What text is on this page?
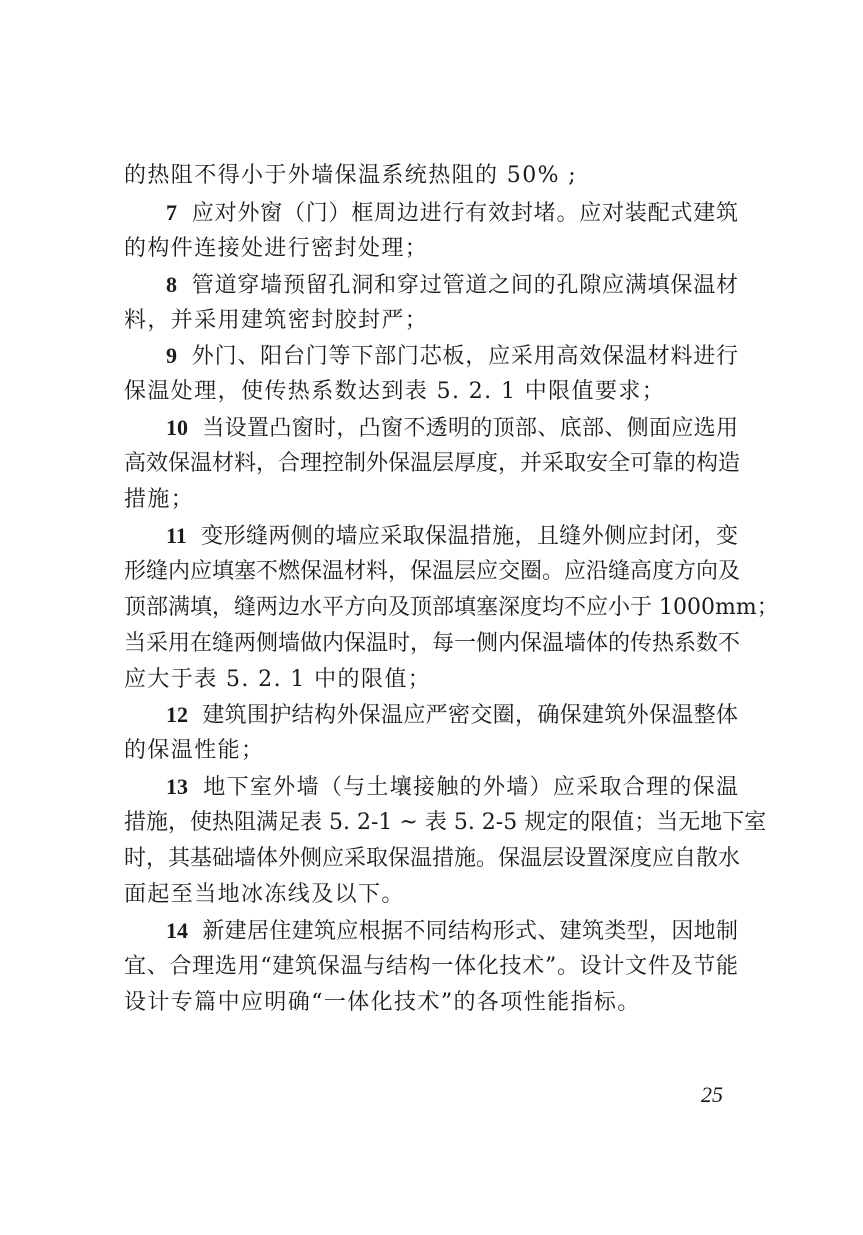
的热阻不得小于外墙保温系统热阻的 50% ;
7 应对外窗（门）框周边进行有效封堵。应对装配式建筑
的构件连接处进行密封处理；
8 管道穿墙预留孔洞和穿过管道之间的孔隙应满填保温材
料，并采用建筑密封胶封严；
9 外门、阳台门等下部门芯板，应采用高效保温材料进行
保温处理，使传热系数达到表 5. 2. 1 中限值要求；
10 当设置凸窗时，凸窗不透明的顶部、底部、侧面应选用
高效保温材料，合理控制外保温层厚度，并采取安全可靠的构造
措施；
11 变形缝两侧的墙应采取保温措施，且缝外侧应封闭，变
形缝内应填塞不燃保温材料，保温层应交圈。应沿缝高度方向及
顶部满填，缝两边水平方向及顶部填塞深度均不应小于 1000mm；
当采用在缝两侧墙做内保温时，每一侧内保温墙体的传热系数不
应大于表 5. 2. 1 中的限值；
12 建筑围护结构外保温应严密交圈，确保建筑外保温整体
的保温性能；
13 地下室外墙（与土壤接触的外墙）应采取合理的保温
措施，使热阻满足表 5. 2-1 ~ 表 5. 2-5 规定的限值；当无地下室
时，其基础墙体外侧应采取保温措施。保温层设置深度应自散水
面起至当地冰冻线及以下。
14 新建居住建筑应根据不同结构形式、建筑类型，因地制
宜、合理选用“建筑保温与结构一体化技术”。设计文件及节能
设计专篇中应明确“一体化技术”的各项性能指标。
25
